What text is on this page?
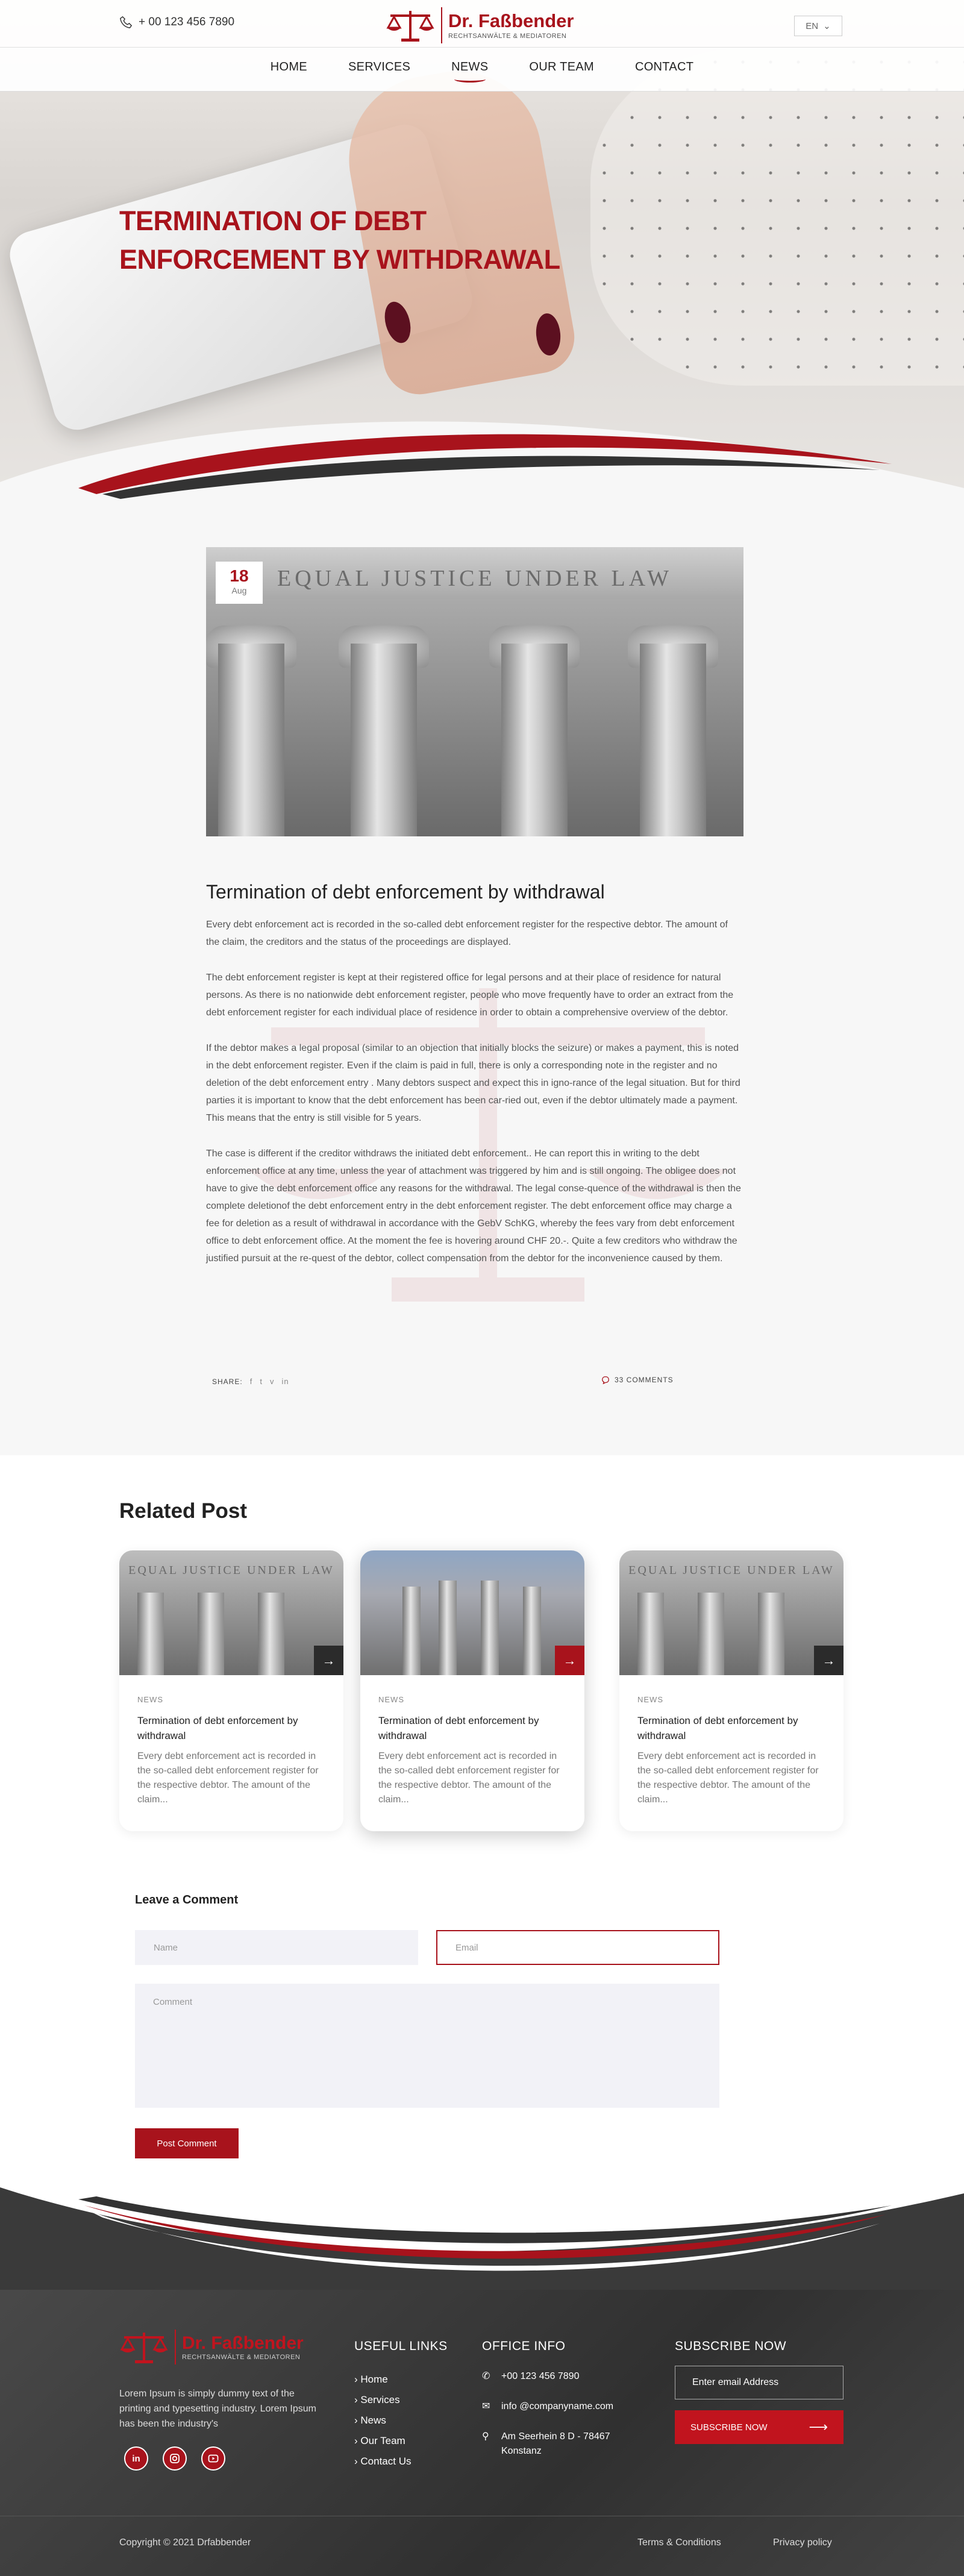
TERMINATION OF DEBT
ENFORCEMENT BY WITHDRAWAL
+ 00 123 456 7890	Dr. Faßbender
RECHTSANWÄLTE & MEDIATOREN
EN ⌄
HOME	SERVICES	NEWS	OUR TEAM	CONTACT
EQUAL JUSTICE UNDER LAW
18
Aug
Termination of debt enforcement by withdrawal

Every debt enforcement act is recorded in the so-called debt enforcement register for the respective debtor. The amount of the claim, the creditors and the status of the proceedings are displayed.

The debt enforcement register is kept at their registered office for legal persons and at their place of residence for natural persons. As there is no nationwide debt enforcement register, people who move frequently have to order an extract from the debt enforcement register for each individual place of residence in order to obtain a comprehensive overview of the debtor.

If the debtor makes a legal proposal (similar to an objection that initially blocks the seizure) or makes a payment, this is noted in the debt enforcement register. Even if the claim is paid in full, there is only a corresponding note in the register and no deletion of the debt enforcement entry . Many debtors suspect and expect this in igno-rance of the legal situation. But for third parties it is important to know that the debt enforcement has been car-ried out, even if the debtor ultimately made a payment. This means that the entry is still visible for 5 years.

The case is different if the creditor withdraws the initiated debt enforcement.. He can report this in writing to the debt enforcement office at any time, unless the year of attachment was triggered by him and is still ongoing. The obligee does not have to give the debt enforcement office any reasons for the withdrawal. The legal conse-quence of the withdrawal is then the complete deletionof the debt enforcement entry in the debt enforcement register. The debt enforcement office may charge a fee for deletion as a result of withdrawal in accordance with the GebV SchKG, whereby the fees vary from debt enforcement office to debt enforcement office. At the moment the fee is hovering around CHF 20.-. Quite a few creditors who withdraw the justified pursuit at the re-quest of the debtor, collect compensation from the debtor for the inconvenience caused by them.

SHARE: f t v in	33 COMMENTS
Related Post
EQUAL JUSTICE UNDER LAW
→
NEWS
Termination of debt enforcement by withdrawal
Every debt enforcement act is recorded in the so-called debt enforcement register for the respective debtor. The amount of the claim...
→
NEWS
Termination of debt enforcement by withdrawal
Every debt enforcement act is recorded in the so-called debt enforcement register for the respective debtor. The amount of the claim...
EQUAL JUSTICE UNDER LAW
→
NEWS
Termination of debt enforcement by withdrawal
Every debt enforcement act is recorded in the so-called debt enforcement register for the respective debtor. The amount of the claim...
Leave a Comment
Name	Email
Comment
Post Comment
Dr. Faßbender
RECHTSANWÄLTE & MEDIATOREN
Lorem Ipsum is simply dummy text of the printing and typesetting industry. Lorem Ipsum has been the industry's
in
USEFUL LINKS
› Home
› Services
› News
› Our Team
› Contact Us
OFFICE INFO
✆	+00 123 456 7890
✉	info @companyname.com
⚲	Am Seerhein 8 D - 78467
Konstanz
SUBSCRIBE NOW
Enter email Address
SUBSCRIBE NOW	⟶
Copyright © 2021 Drfabbender	Terms & Conditions	Privacy policy
